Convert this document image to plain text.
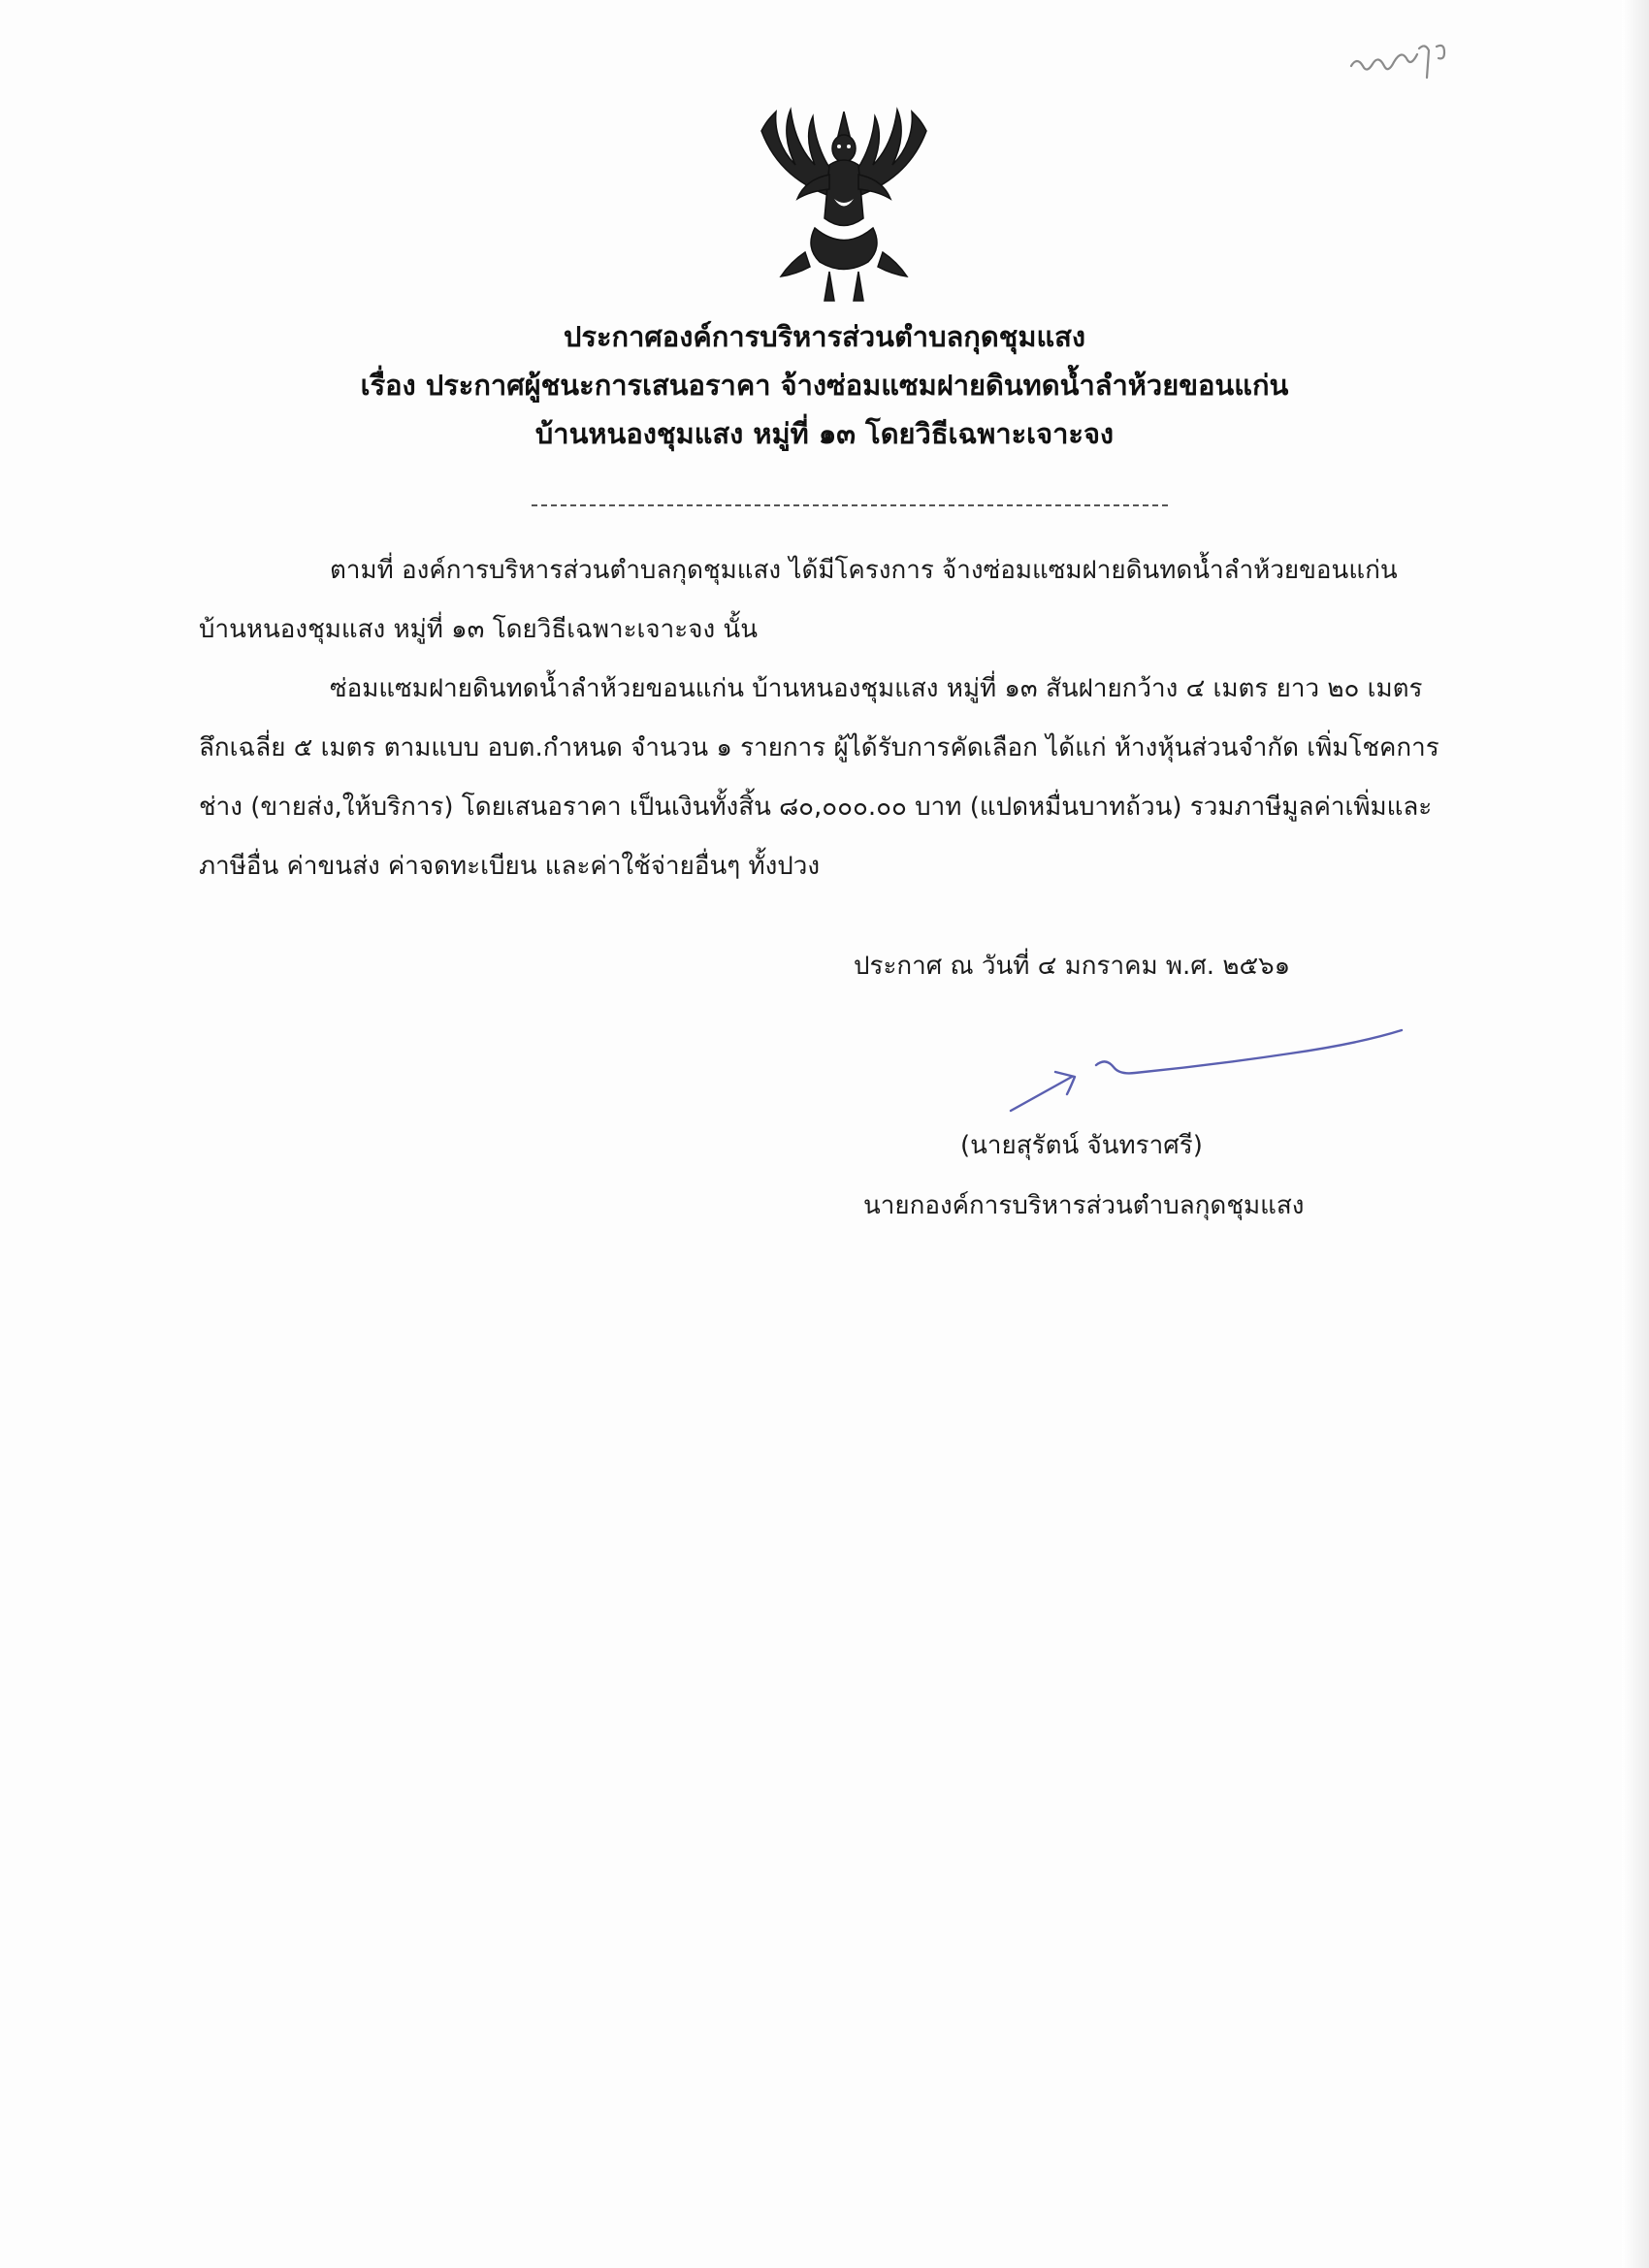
ประกาศองค์การบริหารส่วนตำบลกุดชุมแสง
เรื่อง ประกาศผู้ชนะการเสนอราคา จ้างซ่อมแซมฝายดินทดน้ำลำห้วยขอนแก่น
บ้านหนองชุมแสง หมู่ที่ ๑๓ โดยวิธีเฉพาะเจาะจง
ตามที่ องค์การบริหารส่วนตำบลกุดชุมแสง ได้มีโครงการ จ้างซ่อมแซมฝายดินทดน้ำลำห้วยขอนแก่น
บ้านหนองชุมแสง หมู่ที่ ๑๓ โดยวิธีเฉพาะเจาะจง นั้น
ซ่อมแซมฝายดินทดน้ำลำห้วยขอนแก่น บ้านหนองชุมแสง หมู่ที่ ๑๓ สันฝายกว้าง ๔ เมตร ยาว ๒๐ เมตร
ลึกเฉลี่ย ๕ เมตร ตามแบบ อบต.กำหนด จำนวน ๑ รายการ ผู้ได้รับการคัดเลือก ได้แก่ ห้างหุ้นส่วนจำกัด เพิ่มโชคการ
ช่าง (ขายส่ง,ให้บริการ) โดยเสนอราคา เป็นเงินทั้งสิ้น ๘๐,๐๐๐.๐๐ บาท (แปดหมื่นบาทถ้วน) รวมภาษีมูลค่าเพิ่มและ
ภาษีอื่น ค่าขนส่ง ค่าจดทะเบียน และค่าใช้จ่ายอื่นๆ ทั้งปวง
ประกาศ ณ วันที่ ๔ มกราคม พ.ศ. ๒๕๖๑
(นายสุรัตน์ จันทราศรี)
นายกองค์การบริหารส่วนตำบลกุดชุมแสง
